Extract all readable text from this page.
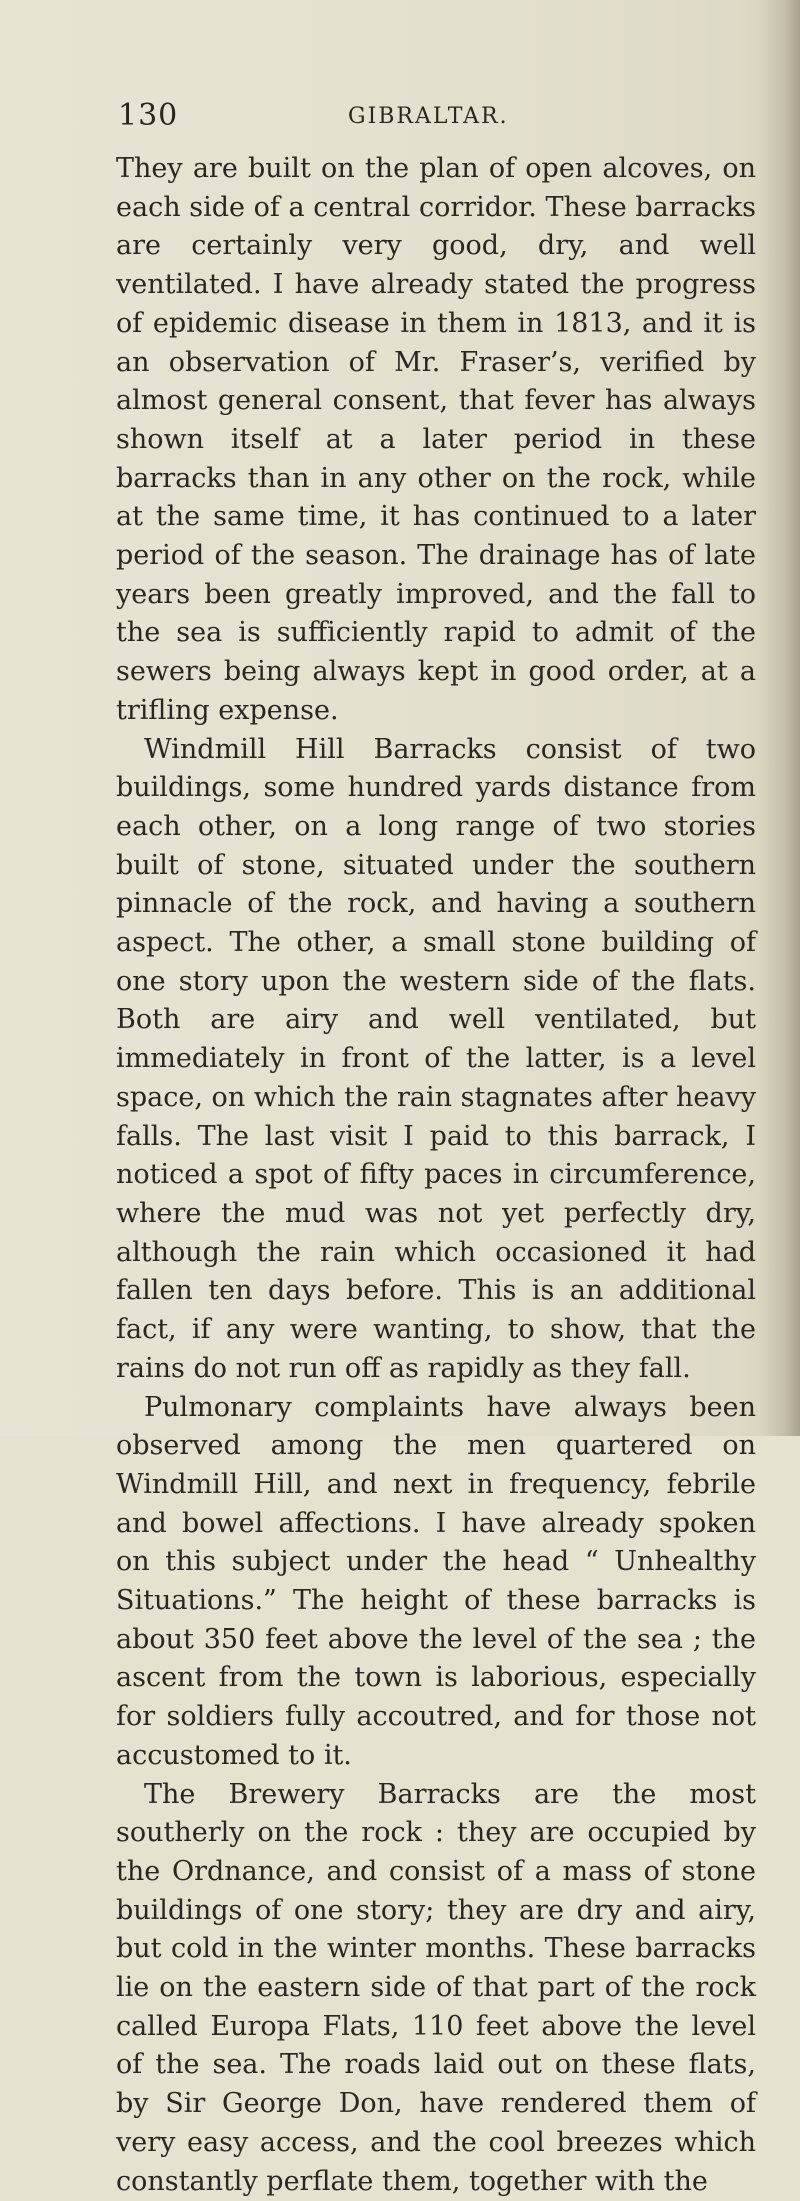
130	GIBRALTAR.

They are built on the plan of open alcoves, on each side of a central corridor. These barracks are certainly very good, dry, and well ventilated. I have already stated the progress of epidemic disease in them in 1813, and it is an observation of Mr. Fraser’s, verified by almost general consent, that fever has always shown itself at a later period in these barracks than in any other on the rock, while at the same time, it has continued to a later period of the season. The drainage has of late years been greatly improved, and the fall to the sea is sufficiently rapid to admit of the sewers being always kept in good order, at a trifling expense.

Windmill Hill Barracks consist of two buildings, some hundred yards distance from each other, on a long range of two stories built of stone, situated under the southern pinnacle of the rock, and having a southern aspect. The other, a small stone building of one story upon the western side of the flats. Both are airy and well ventilated, but immediately in front of the latter, is a level space, on which the rain stagnates after heavy falls. The last visit I paid to this barrack, I noticed a spot of fifty paces in circumference, where the mud was not yet perfectly dry, although the rain which occasioned it had fallen ten days before. This is an additional fact, if any were wanting, to show, that the rains do not run off as rapidly as they fall.

Pulmonary complaints have always been observed among the men quartered on Windmill Hill, and next in frequency, febrile and bowel affections. I have already spoken on this subject under the head “ Unhealthy Situations.” The height of these barracks is about 350 feet above the level of the sea ; the ascent from the town is laborious, especially for soldiers fully accoutred, and for those not accustomed to it.

The Brewery Barracks are the most southerly on the rock : they are occupied by the Ordnance, and consist of a mass of stone buildings of one story; they are dry and airy, but cold in the winter months. These barracks lie on the eastern side of that part of the rock called Europa Flats, 110 feet above the level of the sea. The roads laid out on these flats, by Sir George Don, have rendered them of very easy access, and the cool breezes which constantly perflate them, together with the
